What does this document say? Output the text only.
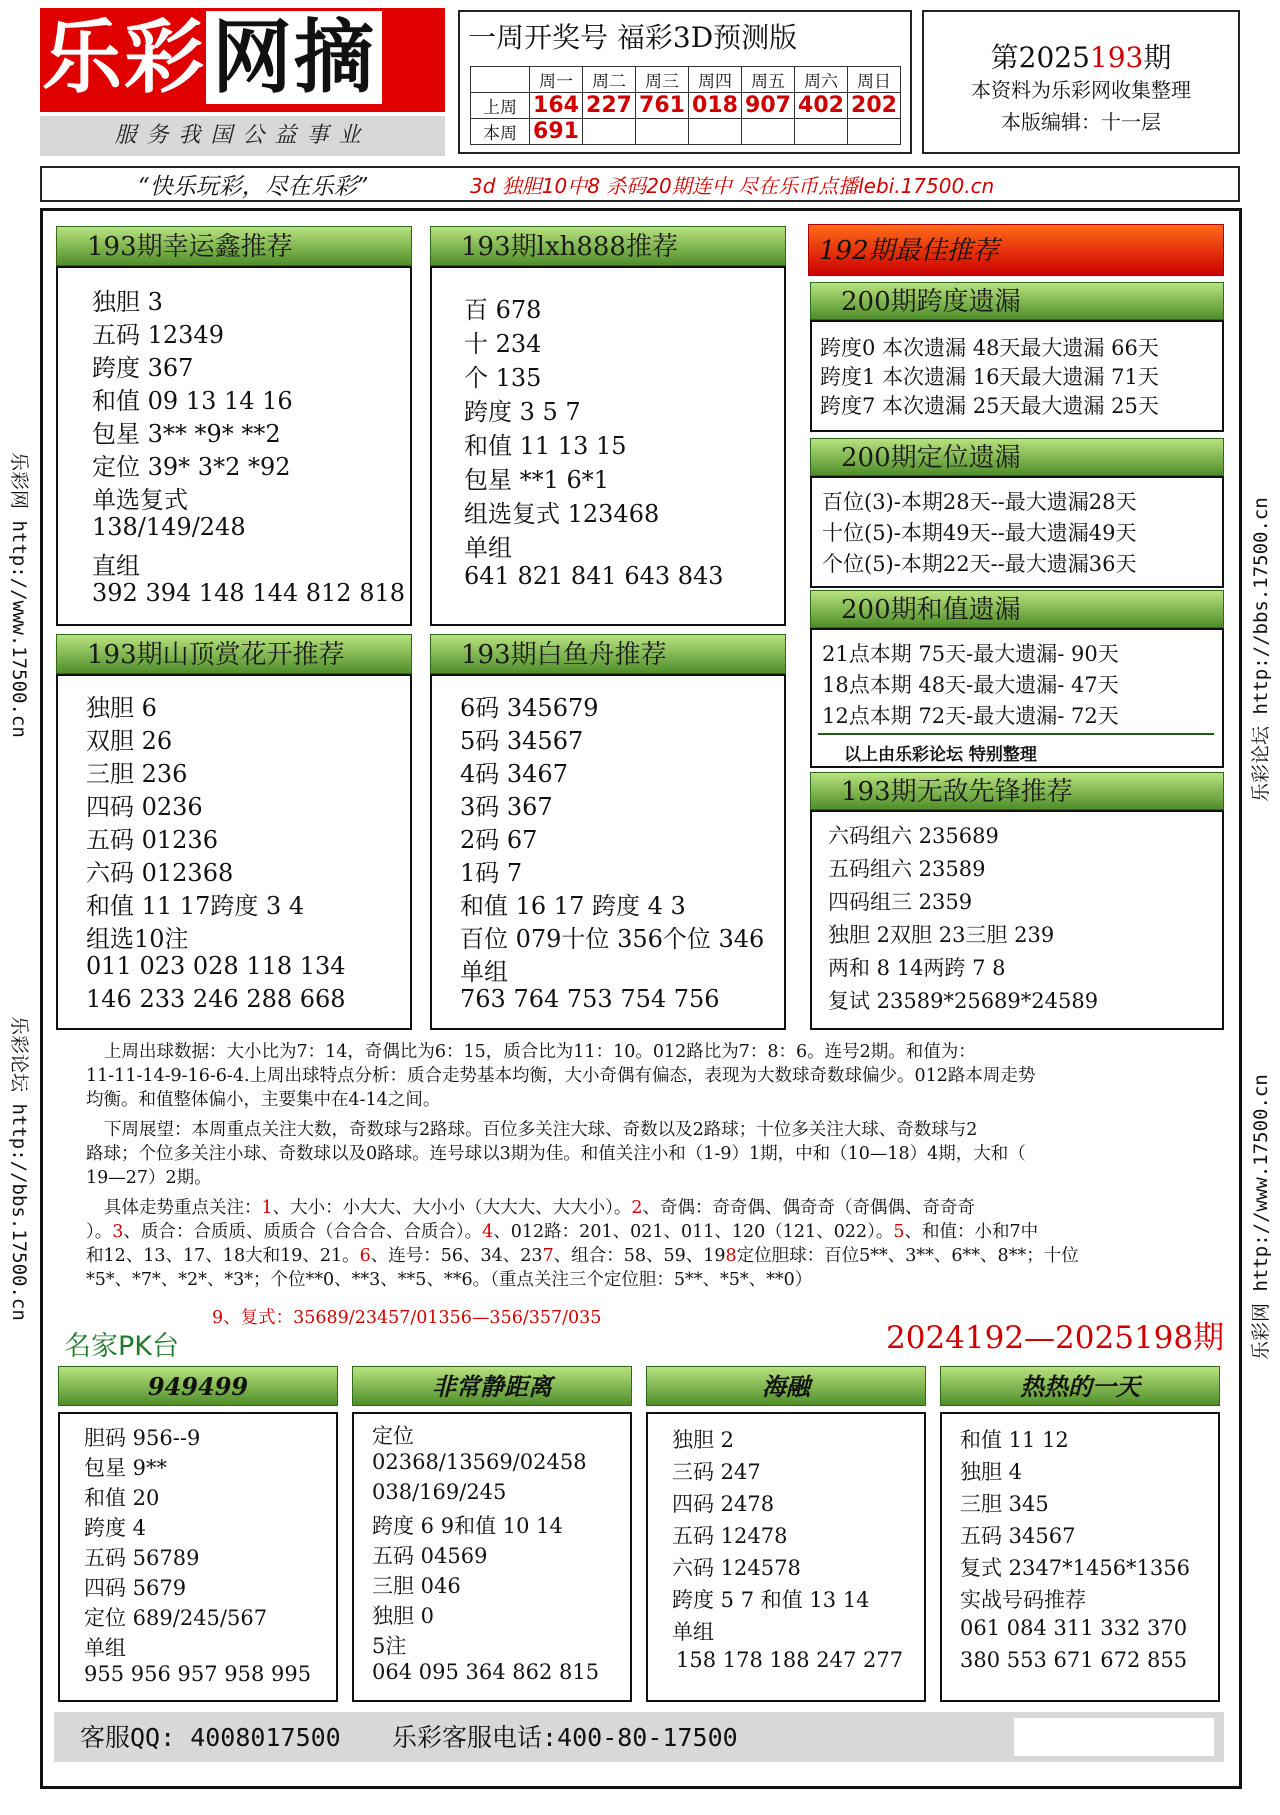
乐彩网摘
服务我国公益事业
一周开奖号 福彩3D预测版
	周一	周二	周三	周四	周五	周六	周日
上周	164	227	761	018	907	402	202
本周	691						
第2025193期
本资料为乐彩网收集整理
本版编辑：十一层
“快乐玩彩，尽在乐彩”	3d 独胆10中8 杀码20期连中 尽在乐币点播lebi.17500.cn
乐彩网 http://www.17500.cn
乐彩论坛 http://bbs.17500.cn
乐彩论坛 http://bbs.17500.cn
乐彩网 http://www.17500.cn
193期幸运鑫推荐
独胆 3
五码 12349
跨度 367
和值 09 13 14 16
包星 3** *9* **2
定位 39* 3*2 *92
单选复式
138/149/248
直组
392 394 148 144 812 818
193期lxh888推荐
百 678
十 234
个 135
跨度 3 5 7
和值 11 13 15
包星 **1 6*1
组选复式 123468
单组
641 821 841 643 843
193期山顶赏花开推荐
独胆 6
双胆 26
三胆 236
四码 0236
五码 01236
六码 012368
和值 11 17跨度 3 4
组选10注
011 023 028 118 134
146 233 246 288 668
193期白鱼舟推荐
6码 345679
5码 34567
4码 3467
3码 367
2码 67
1码 7
和值 16 17 跨度 4 3
百位 079十位 356个位 346
单组
763 764 753 754 756
192期最佳推荐
200期跨度遗漏
跨度0 本次遗漏 48天最大遗漏 66天
跨度1 本次遗漏 16天最大遗漏 71天
跨度7 本次遗漏 25天最大遗漏 25天
200期定位遗漏
百位(3)-本期28天--最大遗漏28天
十位(5)-本期49天--最大遗漏49天
个位(5)-本期22天--最大遗漏36天
200期和值遗漏
21点本期 75天-最大遗漏- 90天
18点本期 48天-最大遗漏- 47天
12点本期 72天-最大遗漏- 72天
以上由乐彩论坛 特别整理
193期无敌先锋推荐
六码组六 235689
五码组六 23589
四码组三 2359
独胆 2双胆 23三胆 239
两和 8 14两跨 7 8
复试 23589*25689*24589
上周出球数据：大小比为7：14，奇偶比为6：15，质合比为11：10。012路比为7：8：6。连号2期。和值为：
11-11-14-9-16-6-4.上周出球特点分析：质合走势基本均衡，大小奇偶有偏态，表现为大数球奇数球偏少。012路本周走势
均衡。和值整体偏小，主要集中在4-14之间。
下周展望：本周重点关注大数，奇数球与2路球。百位多关注大球、奇数以及2路球；十位多关注大球、奇数球与2
路球；个位多关注小球、奇数球以及0路球。连号球以3期为佳。和值关注小和（1-9）1期，中和（10—18）4期，大和（
19—27）2期。
具体走势重点关注：1、大小：小大大、大小小（大大大、大大小）。2、奇偶：奇奇偶、偶奇奇（奇偶偶、奇奇奇
）。3、质合：合质质、质质合（合合合、合质合）。4、012路：201、021、011、120（121、022）。5、和值：小和7中
和12、13、17、18大和19、21。6、连号：56、34、237、组合：58、59、198定位胆球：百位5**、3**、6**、8**；十位
*5*、*7*、*2*、*3*；个位**0、**3、**5、**6。（重点关注三个定位胆：5**、*5*、**0）
9、复式：35689/23457/01356—356/357/035
名家PK台	2024192—2025198期
949499
胆码 956--9
包星 9**
和值 20
跨度 4
五码 56789
四码 5679
定位 689/245/567
单组
955 956 957 958 995
非常静距离
定位
02368/13569/02458
038/169/245
跨度 6 9和值 10 14
五码 04569
三胆 046
独胆 0
5注
064 095 364 862 815
海融
独胆 2
三码 247
四码 2478
五码 12478
六码 124578
跨度 5 7 和值 13 14
单组
158 178 188 247 277
热热的一天
和值 11 12
独胆 4
三胆 345
五码 34567
复式 2347*1456*1356
实战号码推荐
061 084 311 332 370
380 553 671 672 855
客服QQ: 4008017500 乐彩客服电话:400-80-17500
